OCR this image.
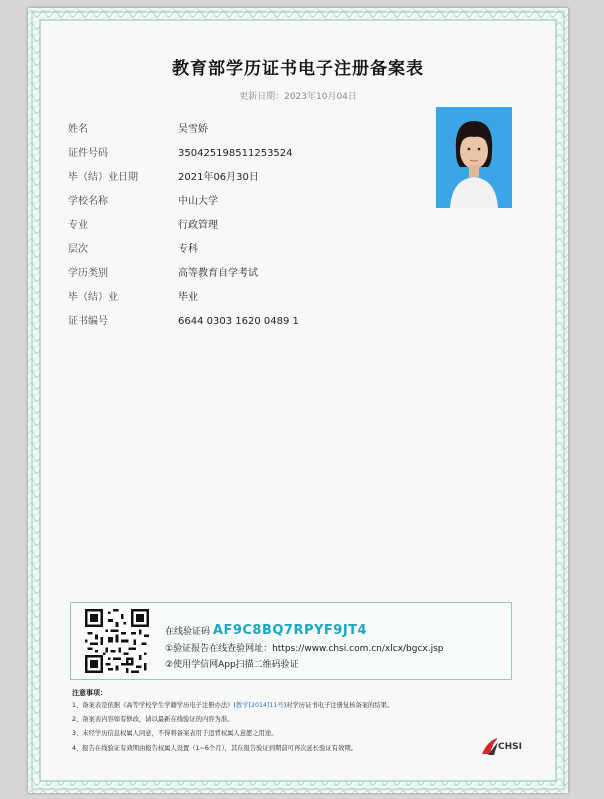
教育部学历证书电子注册备案表
更新日期：2023年10月04日
姓名	吴雪娇
证件号码	350425198511253524
毕（结）业日期	2021年06月30日
学校名称	中山大学
专业	行政管理
层次	专科
学历类别	高等教育自学考试
毕（结）业	毕业
证书编号	6644 0303 1620 0489 1
在线验证码 AF9C8BQ7RPYF9JT4
①验证报告在线查验网址：https://www.chsi.com.cn/xlcx/bgcx.jsp
②使用学信网App扫描二维码验证
注意事项：
1、备案表是依据《高等学校学生学籍学历电子注册办法》(教学[2014]11号)对学历证书电子注册复核备案的结果。
2、备案表内容如有修改，请以最新在线验证的内容为准。
3、未经学历信息权属人同意，不得将备案表用于违背权属人意愿之用途。
4、报告在线验证有效期由报告权属人设置（1~6个月），其在报告验证到期前可再次延长验证有效期。	CHSI
